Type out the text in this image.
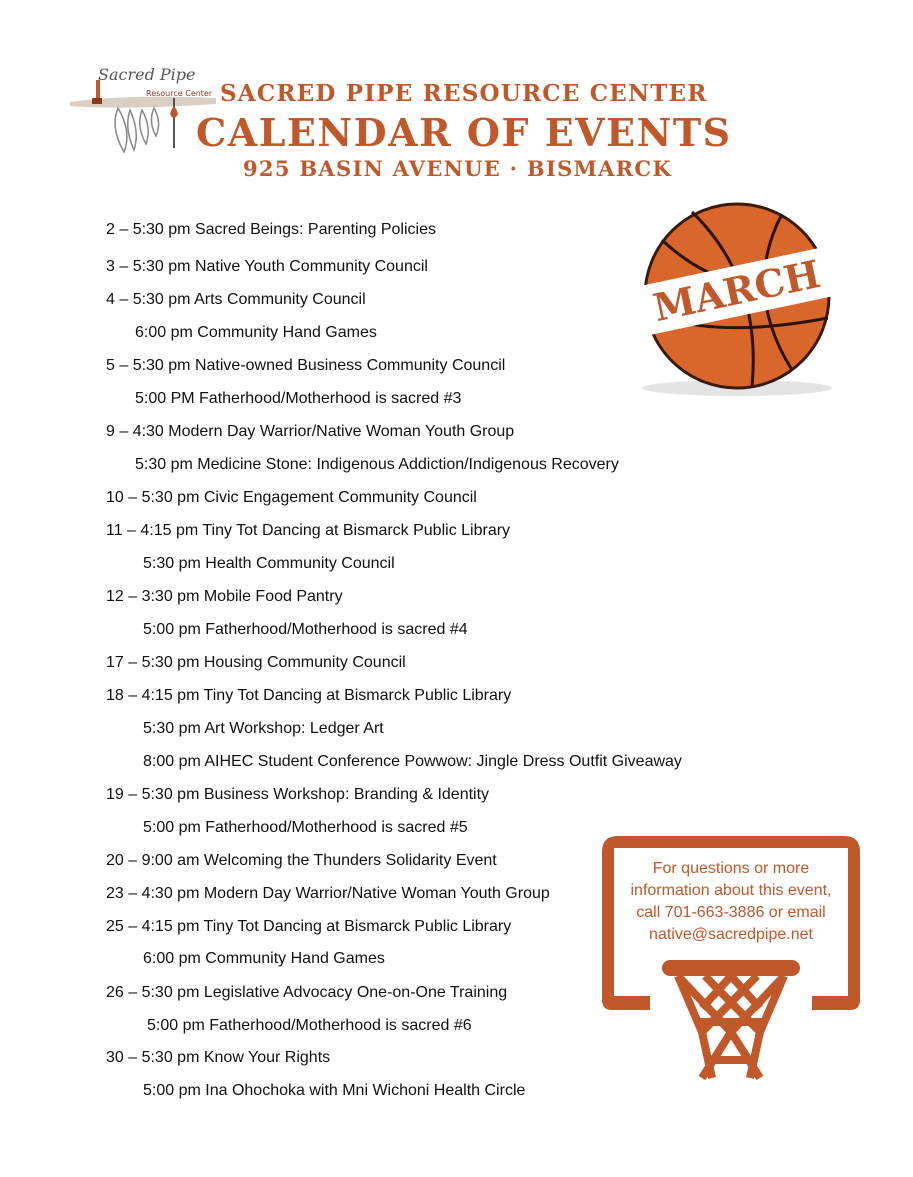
Sacred Pipe
Resource Center SACRED PIPE RESOURCE CENTER
CALENDAR OF EVENTS
925 BASIN AVENUE · BISMARCK
MARCH
2 – 5:30 pm Sacred Beings: Parenting Policies
3 – 5:30 pm Native Youth Community Council
4 – 5:30 pm Arts Community Council
6:00 pm Community Hand Games
5 – 5:30 pm Native-owned Business Community Council
5:00 PM Fatherhood/Motherhood is sacred #3
9 – 4:30 Modern Day Warrior/Native Woman Youth Group
5:30 pm Medicine Stone: Indigenous Addiction/Indigenous Recovery
10 – 5:30 pm Civic Engagement Community Council
11 – 4:15 pm Tiny Tot Dancing at Bismarck Public Library
5:30 pm Health Community Council
12 – 3:30 pm Mobile Food Pantry
5:00 pm Fatherhood/Motherhood is sacred #4
17 – 5:30 pm Housing Community Council
18 – 4:15 pm Tiny Tot Dancing at Bismarck Public Library
5:30 pm Art Workshop: Ledger Art
8:00 pm AIHEC Student Conference Powwow: Jingle Dress Outfit Giveaway
19 – 5:30 pm Business Workshop: Branding & Identity
5:00 pm Fatherhood/Motherhood is sacred #5
20 – 9:00 am Welcoming the Thunders Solidarity Event
23 – 4:30 pm Modern Day Warrior/Native Woman Youth Group
25 – 4:15 pm Tiny Tot Dancing at Bismarck Public Library
6:00 pm Community Hand Games
26 – 5:30 pm Legislative Advocacy One-on-One Training
5:00 pm Fatherhood/Motherhood is sacred #6
30 – 5:30 pm Know Your Rights
5:00 pm Ina Ohochoka with Mni Wichoni Health Circle
For questions or more
information about this event,
call 701-663-3886 or email
native@sacredpipe.net
